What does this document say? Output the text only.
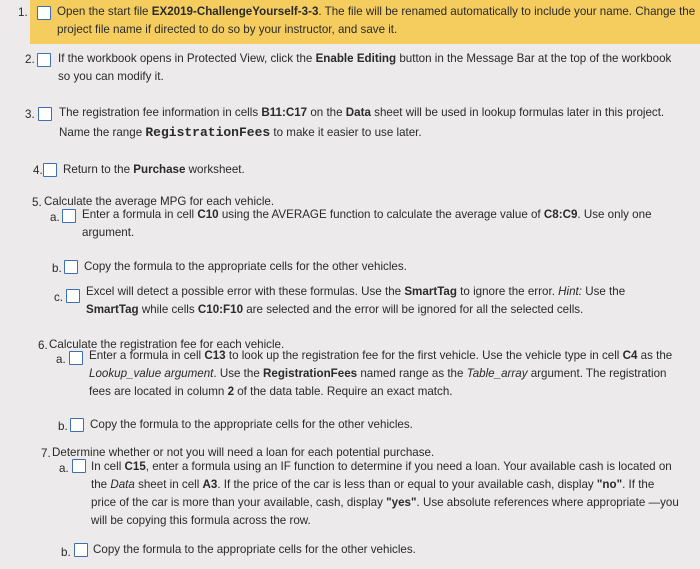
1.	Open the start file EX2019-ChallengeYourself-3-3. The file will be renamed automatically to include your name. Change the project file name if directed to do so by your instructor, and save it.
2. If the workbook opens in Protected View, click the Enable Editing button in the Message Bar at the top of the workbook so you can modify it.
3. The registration fee information in cells B11:C17 on the Data sheet will be used in lookup formulas later in this project. Name the range RegistrationFees to make it easier to use later.
4. Return to the Purchase worksheet.
5. Calculate the average MPG for each vehicle.
a. Enter a formula in cell C10 using the AVERAGE function to calculate the average value of C8:C9. Use only one argument.
b. Copy the formula to the appropriate cells for the other vehicles.
c. Excel will detect a possible error with these formulas. Use the SmartTag to ignore the error. Hint: Use the SmartTag while cells C10:F10 are selected and the error will be ignored for all the selected cells.
6. Calculate the registration fee for each vehicle.
a. Enter a formula in cell C13 to look up the registration fee for the first vehicle. Use the vehicle type in cell C4 as the Lookup_value argument. Use the RegistrationFees named range as the Table_array argument. The registration fees are located in column 2 of the data table. Require an exact match.
b. Copy the formula to the appropriate cells for the other vehicles.
7. Determine whether or not you will need a loan for each potential purchase.
a. In cell C15, enter a formula using an IF function to determine if you need a loan. Your available cash is located on the Data sheet in cell A3. If the price of the car is less than or equal to your available cash, display "no". If the price of the car is more than your available, cash, display "yes". Use absolute references where appropriate —you will be copying this formula across the row.
b. Copy the formula to the appropriate cells for the other vehicles.
